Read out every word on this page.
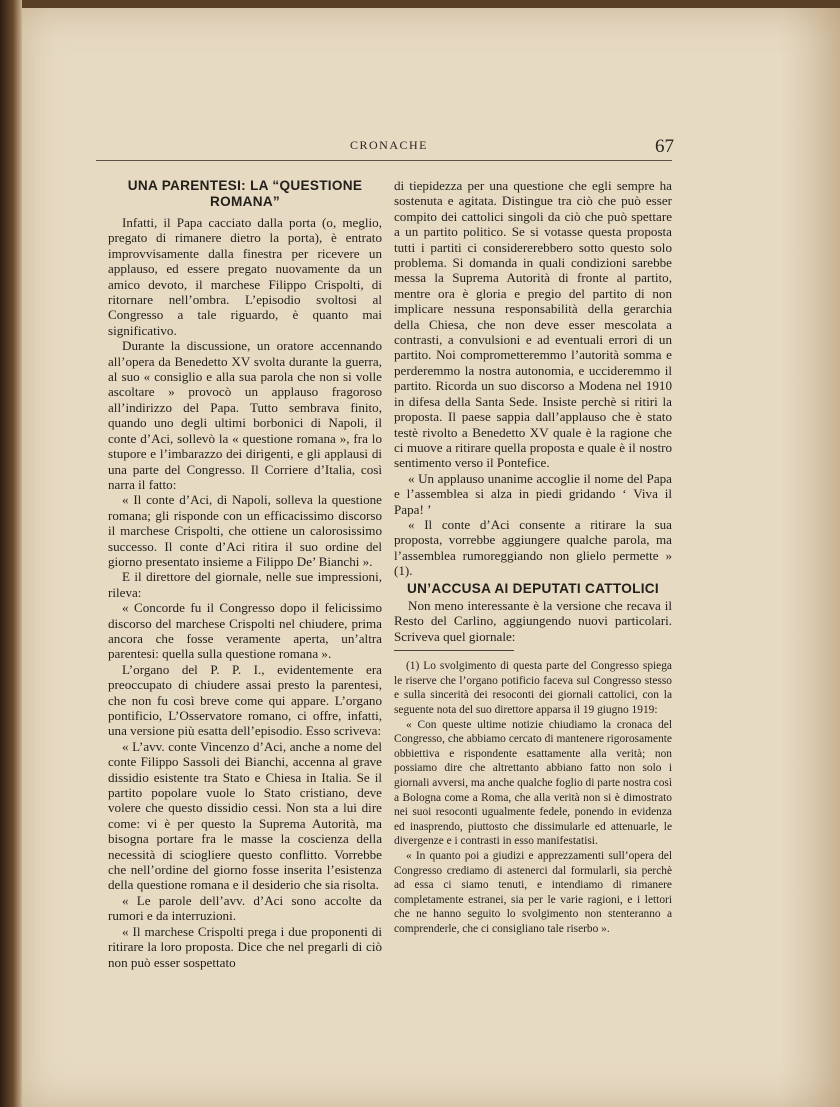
CRONACHE	67
UNA PARENTESI: LA “QUESTIONE ROMANA”

Infatti, il Papa cacciato dalla porta (o, meglio, pregato di rimanere dietro la porta), è entrato improvvisamente dalla finestra per ricevere un applauso, ed essere pregato nuovamente da un amico devoto, il marchese Filippo Crispolti, di ritornare nell’ombra. L’episodio svoltosi al Congresso a tale riguardo, è quanto mai significativo.

Durante la discussione, un oratore accennando all’opera da Benedetto XV svolta durante la guerra, al suo « consiglio e alla sua parola che non si volle ascoltare » provocò un applauso fragoroso all’indirizzo del Papa. Tutto sembrava finito, quando uno degli ultimi borbonici di Napoli, il conte d’Aci, sollevò la « questione romana », fra lo stupore e l’imbarazzo dei dirigenti, e gli applausi di una parte del Congresso. Il Corriere d’Italia, così narra il fatto:

« Il conte d’Aci, di Napoli, solleva la questione romana; gli risponde con un efficacissimo discorso il marchese Crispolti, che ottiene un calorosissimo successo. Il conte d’Aci ritira il suo ordine del giorno presentato insieme a Filippo De’ Bianchi ».

E il direttore del giornale, nelle sue impressioni, rileva:

« Concorde fu il Congresso dopo il felicissimo discorso del marchese Crispolti nel chiudere, prima ancora che fosse veramente aperta, un’altra parentesi: quella sulla questione romana ».

L’organo del P. P. I., evidentemente era preoccupato di chiudere assai presto la parentesi, che non fu così breve come qui appare. L’organo pontificio, L’Osservatore romano, ci offre, infatti, una versione più esatta dell’episodio. Esso scriveva:

« L’avv. conte Vincenzo d’Aci, anche a nome del conte Filippo Sassoli dei Bianchi, accenna al grave dissidio esistente tra Stato e Chiesa in Italia. Se il partito popolare vuole lo Stato cristiano, deve volere che questo dissidio cessi. Non sta a lui dire come: vi è per questo la Suprema Autorità, ma bisogna portare fra le masse la coscienza della necessità di sciogliere questo conflitto. Vorrebbe che nell’ordine del giorno fosse inserita l’esistenza della questione romana e il desiderio che sia risolta.

« Le parole dell’avv. d’Aci sono accolte da rumori e da interruzioni.

« Il marchese Crispolti prega i due proponenti di ritirare la loro proposta. Dice che nel pregarli di ciò non può esser sospettato

di tiepidezza per una questione che egli sempre ha sostenuta e agitata. Distingue tra ciò che può esser compito dei cattolici singoli da ciò che può spettare a un partito politico. Se si votasse questa proposta tutti i partiti ci considererebbero sotto questo solo problema. Si domanda in quali condizioni sarebbe messa la Suprema Autorità di fronte al partito, mentre ora è gloria e pregio del partito di non implicare nessuna responsabilità della gerarchia della Chiesa, che non deve esser mescolata a contrasti, a convulsioni e ad eventuali errori di un partito. Noi comprometteremmo l’autorità somma e perderemmo la nostra autonomia, e uccideremmo il partito. Ricorda un suo discorso a Modena nel 1910 in difesa della Santa Sede. Insiste perchè si ritiri la proposta. Il paese sappia dall’applauso che è stato testè rivolto a Benedetto XV quale è la ragione che ci muove a ritirare quella proposta e quale è il nostro sentimento verso il Pontefice.

« Un applauso unanime accoglie il nome del Papa e l’assemblea si alza in piedi gridando ‘ Viva il Papa! ’

« Il conte d’Aci consente a ritirare la sua proposta, vorrebbe aggiungere qualche parola, ma l’assemblea rumoreggiando non glielo permette » (1).

UN’ACCUSA AI DEPUTATI CATTOLICI

Non meno interessante è la versione che recava il Resto del Carlino, aggiungendo nuovi particolari. Scriveva quel giornale:

(1) Lo svolgimento di questa parte del Congresso spiega le riserve che l’organo potificio faceva sul Congresso stesso e sulla sincerità dei resoconti dei giornali cattolici, con la seguente nota del suo direttore apparsa il 19 giugno 1919:

« Con queste ultime notizie chiudiamo la cronaca del Congresso, che abbiamo cercato di mantenere rigorosamente obbiettiva e rispondente esattamente alla verità; non possiamo dire che altrettanto abbiano fatto non solo i giornali avversi, ma anche qualche foglio di parte nostra così a Bologna come a Roma, che alla verità non si è dimostrato nei suoi resoconti ugualmente fedele, ponendo in evidenza ed inasprendo, piuttosto che dissimularle ed attenuarle, le divergenze e i contrasti in esso manifestatisi.

« In quanto poi a giudizi e apprezzamenti sull’opera del Congresso crediamo di astenerci dal formularli, sia perchè ad essa ci siamo tenuti, e intendiamo di rimanere completamente estranei, sia per le varie ragioni, e i lettori che ne hanno seguito lo svolgimento non stenteranno a comprenderle, che ci consigliano tale riserbo ».
